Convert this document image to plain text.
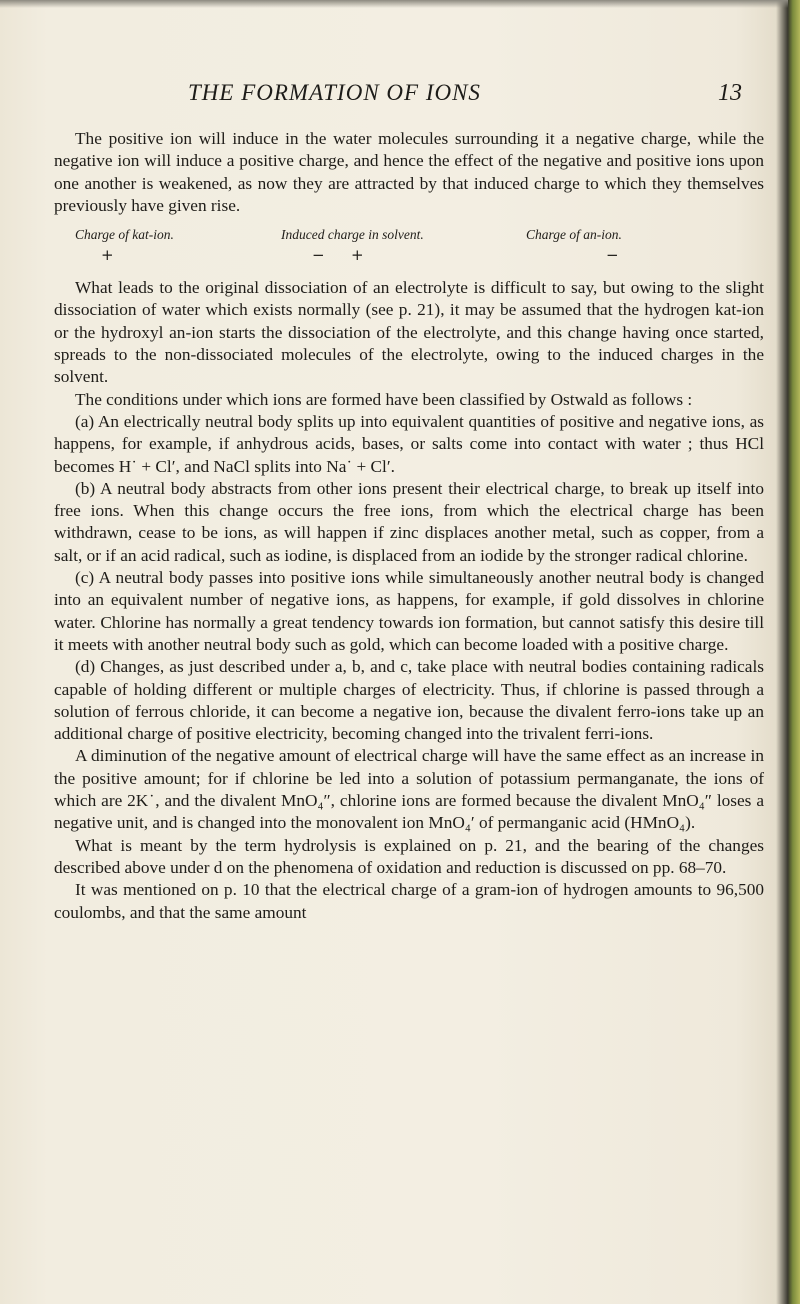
THE FORMATION OF IONS	13

The positive ion will induce in the water molecules surrounding it a negative charge, while the negative ion will induce a positive charge, and hence the effect of the negative and positive ions upon one another is weakened, as now they are attracted by that induced charge to which they themselves previously have given rise.

Charge of kat-ion.	Induced charge in solvent.	Charge of an-ion.
+	− +	−

What leads to the original dissociation of an electrolyte is difficult to say, but owing to the slight dissociation of water which exists normally (see p. 21), it may be assumed that the hydrogen kat-ion or the hydroxyl an-ion starts the dissociation of the electrolyte, and this change having once started, spreads to the non-dissociated molecules of the electrolyte, owing to the induced charges in the solvent.

The conditions under which ions are formed have been classified by Ostwald as follows :

(a) An electrically neutral body splits up into equivalent quantities of positive and negative ions, as happens, for example, if anhydrous acids, bases, or salts come into contact with water ; thus HCl becomes H˙ + Cl′, and NaCl splits into Na˙ + Cl′.

(b) A neutral body abstracts from other ions present their electrical charge, to break up itself into free ions. When this change occurs the free ions, from which the electrical charge has been withdrawn, cease to be ions, as will happen if zinc displaces another metal, such as copper, from a salt, or if an acid radical, such as iodine, is displaced from an iodide by the stronger radical chlorine.

(c) A neutral body passes into positive ions while simultaneously another neutral body is changed into an equivalent number of negative ions, as happens, for example, if gold dissolves in chlorine water. Chlorine has normally a great tendency towards ion formation, but cannot satisfy this desire till it meets with another neutral body such as gold, which can become loaded with a positive charge.

(d) Changes, as just described under a, b, and c, take place with neutral bodies containing radicals capable of holding different or multiple charges of electricity. Thus, if chlorine is passed through a solution of ferrous chloride, it can become a negative ion, because the divalent ferro-ions take up an additional charge of positive electricity, becoming changed into the trivalent ferri-ions.

A diminution of the negative amount of electrical charge will have the same effect as an increase in the positive amount; for if chlorine be led into a solution of potassium permanganate, the ions of which are 2K˙, and the divalent MnO₄″, chlorine ions are formed because the divalent MnO₄″ loses a negative unit, and is changed into the monovalent ion MnO₄′ of permanganic acid (HMnO₄).

What is meant by the term hydrolysis is explained on p. 21, and the bearing of the changes described above under d on the phenomena of oxidation and reduction is discussed on pp. 68–70.

It was mentioned on p. 10 that the electrical charge of a gram-ion of hydrogen amounts to 96,500 coulombs, and that the same amount
